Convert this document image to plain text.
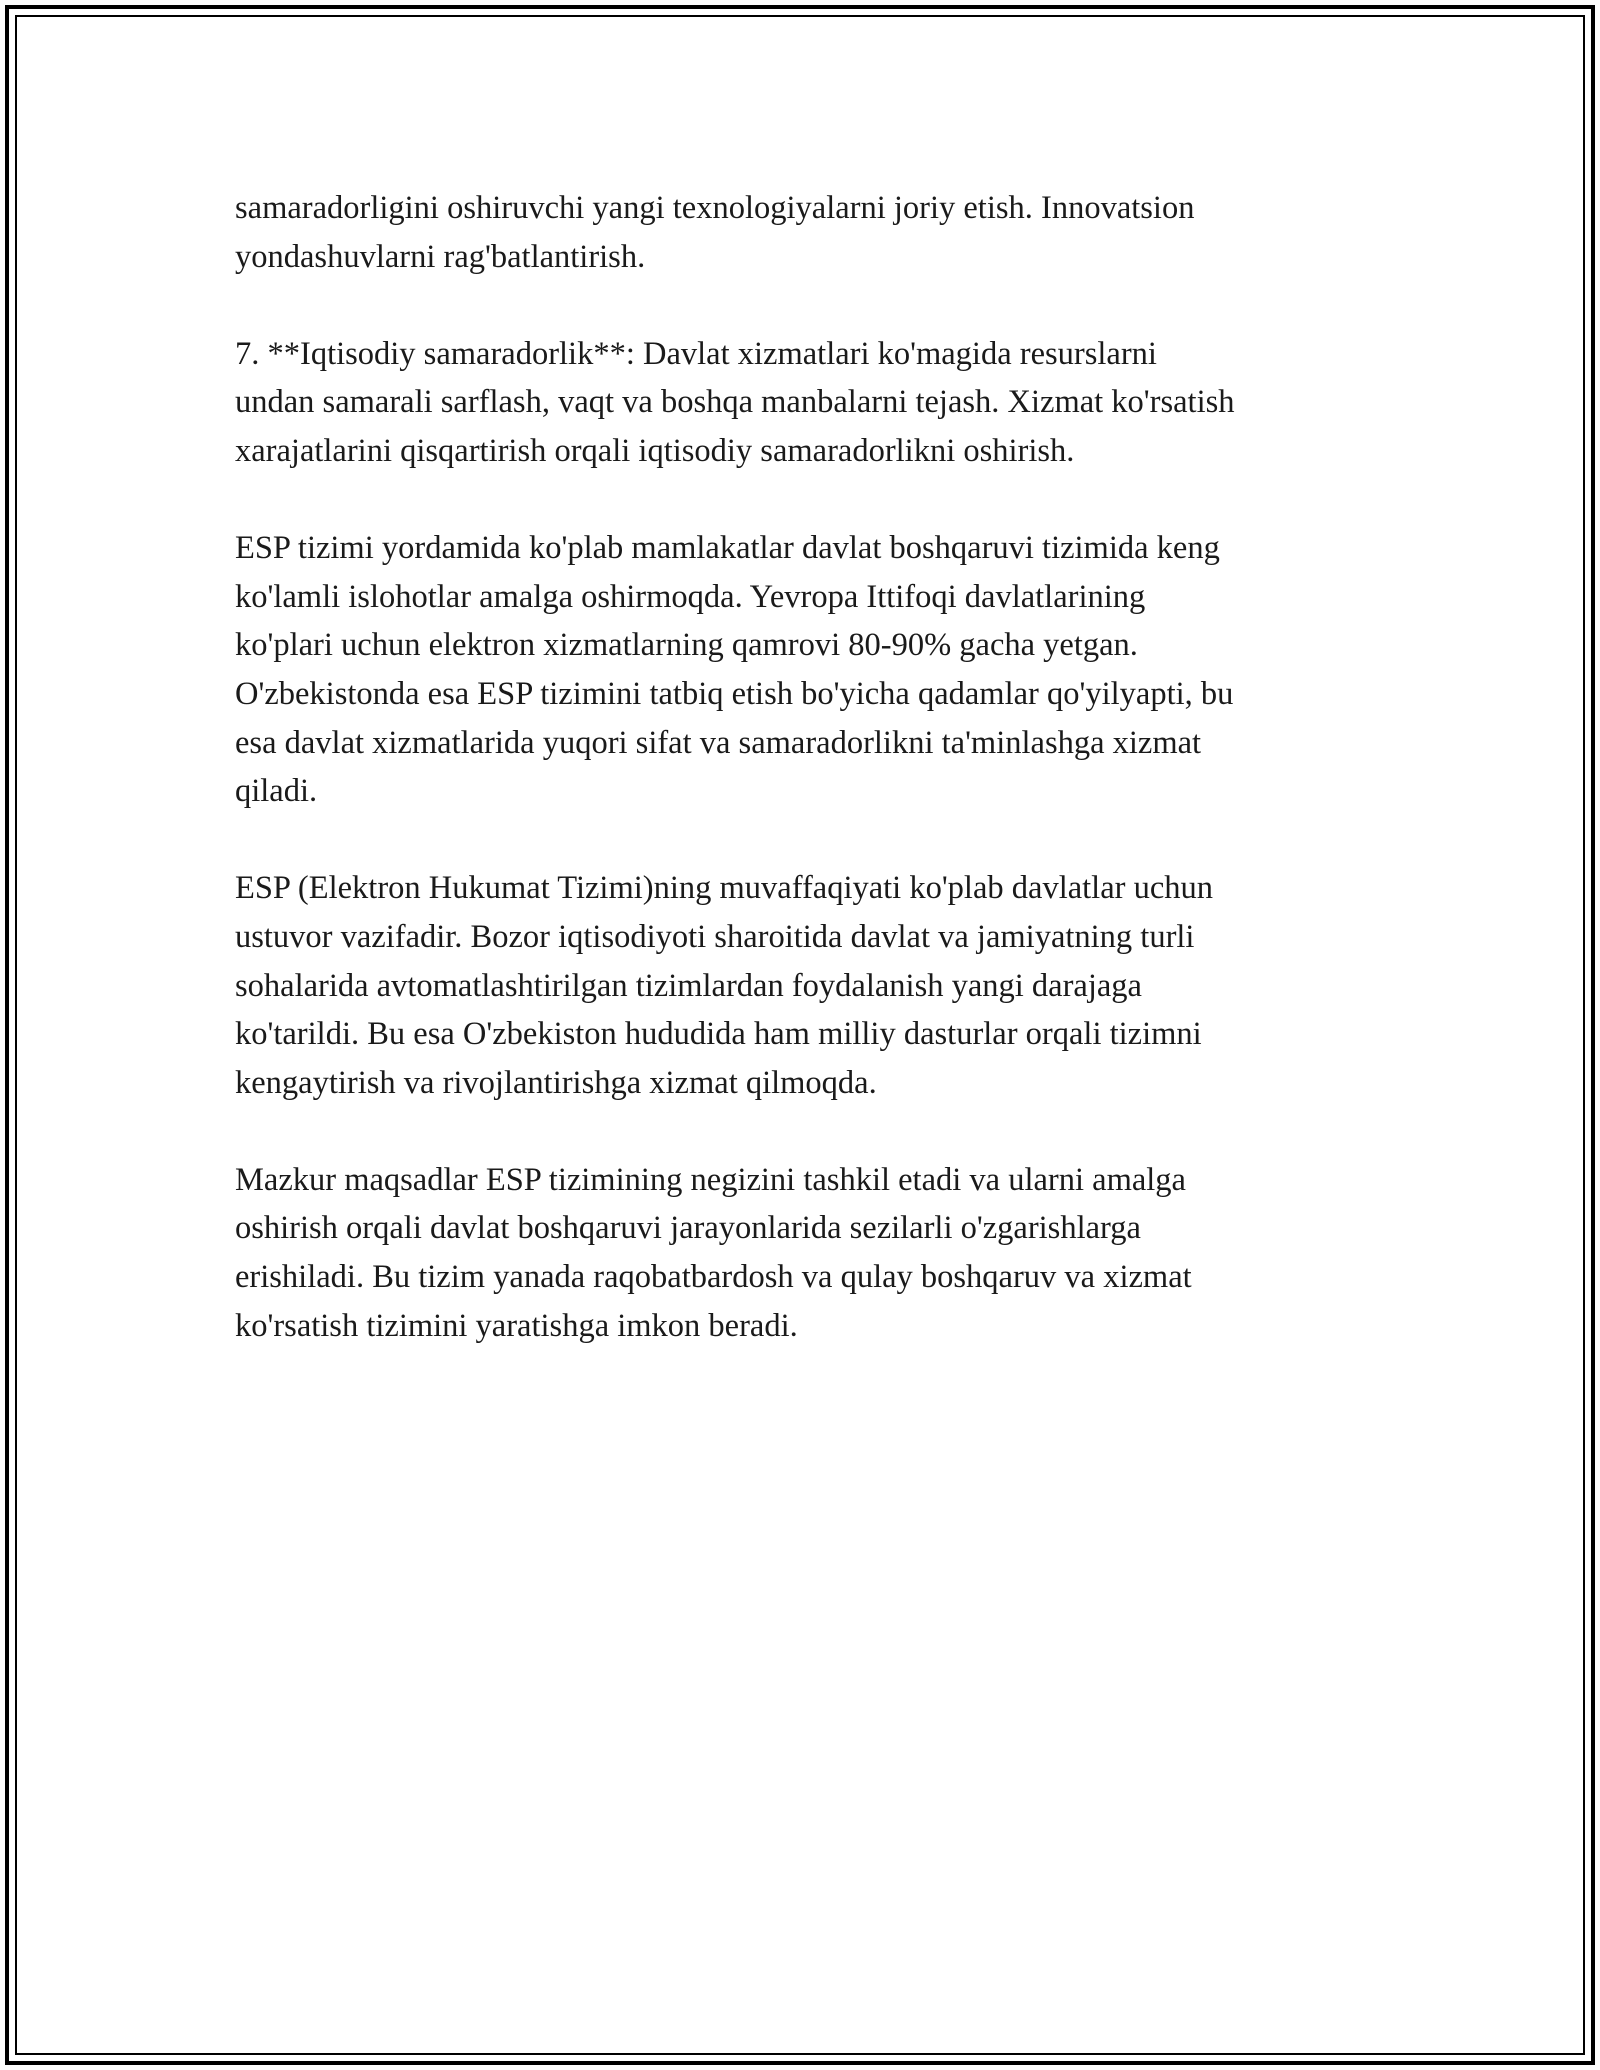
samaradorligini oshiruvchi yangi texnologiyalarni joriy etish. Innovatsion
yondashuvlarni rag'batlantirish.

7. **Iqtisodiy samaradorlik**: Davlat xizmatlari ko'magida resurslarni
undan samarali sarflash, vaqt va boshqa manbalarni tejash. Xizmat ko'rsatish
xarajatlarini qisqartirish orqali iqtisodiy samaradorlikni oshirish.

ESP tizimi yordamida ko'plab mamlakatlar davlat boshqaruvi tizimida keng
ko'lamli islohotlar amalga oshirmoqda. Yevropa Ittifoqi davlatlarining
ko'plari uchun elektron xizmatlarning qamrovi 80-90% gacha yetgan.
O'zbekistonda esa ESP tizimini tatbiq etish bo'yicha qadamlar qo'yilyapti, bu
esa davlat xizmatlarida yuqori sifat va samaradorlikni ta'minlashga xizmat
qiladi.

ESP (Elektron Hukumat Tizimi)ning muvaffaqiyati ko'plab davlatlar uchun
ustuvor vazifadir. Bozor iqtisodiyoti sharoitida davlat va jamiyatning turli
sohalarida avtomatlashtirilgan tizimlardan foydalanish yangi darajaga
ko'tarildi. Bu esa O'zbekiston hududida ham milliy dasturlar orqali tizimni
kengaytirish va rivojlantirishga xizmat qilmoqda.

Mazkur maqsadlar ESP tizimining negizini tashkil etadi va ularni amalga
oshirish orqali davlat boshqaruvi jarayonlarida sezilarli o'zgarishlarga
erishiladi. Bu tizim yanada raqobatbardosh va qulay boshqaruv va xizmat
ko'rsatish tizimini yaratishga imkon beradi.
